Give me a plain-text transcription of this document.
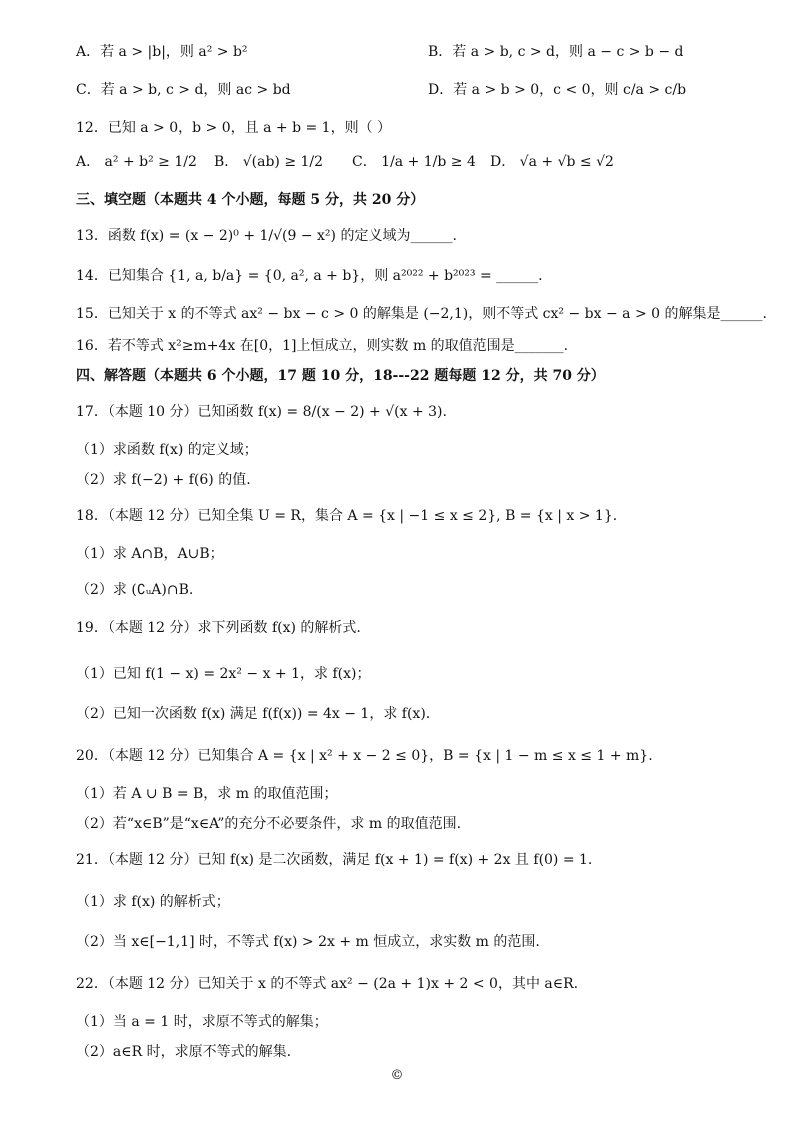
A．若 a > |b|，则 a² > b²	B．若 a > b, c > d，则 a − c > b − d
C．若 a > b, c > d，则 ac > bd	D．若 a > b > 0，c < 0，则 c/a > c/b
12．已知 a > 0，b > 0，且 a + b = 1，则（ ）
A． a² + b² ≥ 1/2 B． √(ab) ≥ 1/2 C． 1/a + 1/b ≥ 4 D． √a + √b ≤ √2
三、填空题（本题共 4 个小题，每题 5 分，共 20 分）
13．函数 f(x) = (x − 2)⁰ + 1/√(9 − x²) 的定义域为______.
14．已知集合 {1, a, b/a} = {0, a², a + b}，则 a²⁰²² + b²⁰²³ = ______.
15．已知关于 x 的不等式 ax² − bx − c > 0 的解集是 (−2,1)，则不等式 cx² − bx − a > 0 的解集是______.
16．若不等式 x²≥m+4x 在[0，1]上恒成立，则实数 m 的取值范围是_______.
四、解答题（本题共 6 个小题，17 题 10 分，18---22 题每题 12 分，共 70 分）
17．（本题 10 分）已知函数 f(x) = 8/(x − 2) + √(x + 3).
（1）求函数 f(x) 的定义域；
（2）求 f(−2) + f(6) 的值.
18．（本题 12 分）已知全集 U = R，集合 A = {x | −1 ≤ x ≤ 2}, B = {x | x > 1}.
（1）求 A∩B，A∪B；
（2）求 (∁ᵤA)∩B.
19．（本题 12 分）求下列函数 f(x) 的解析式.
（1）已知 f(1 − x) = 2x² − x + 1，求 f(x)；
（2）已知一次函数 f(x) 满足 f(f(x)) = 4x − 1，求 f(x).
20．（本题 12 分）已知集合 A = {x | x² + x − 2 ≤ 0}，B = {x | 1 − m ≤ x ≤ 1 + m}.
（1）若 A ∪ B = B，求 m 的取值范围；
（2）若“x∈B”是“x∈A”的充分不必要条件，求 m 的取值范围.
21．（本题 12 分）已知 f(x) 是二次函数，满足 f(x + 1) = f(x) + 2x 且 f(0) = 1.
（1）求 f(x) 的解析式；
（2）当 x∈[−1,1] 时，不等式 f(x) > 2x + m 恒成立，求实数 m 的范围.
22．（本题 12 分）已知关于 x 的不等式 ax² − (2a + 1)x + 2 < 0，其中 a∈R.
（1）当 a = 1 时，求原不等式的解集；
（2）a∈R 时，求原不等式的解集.
©
